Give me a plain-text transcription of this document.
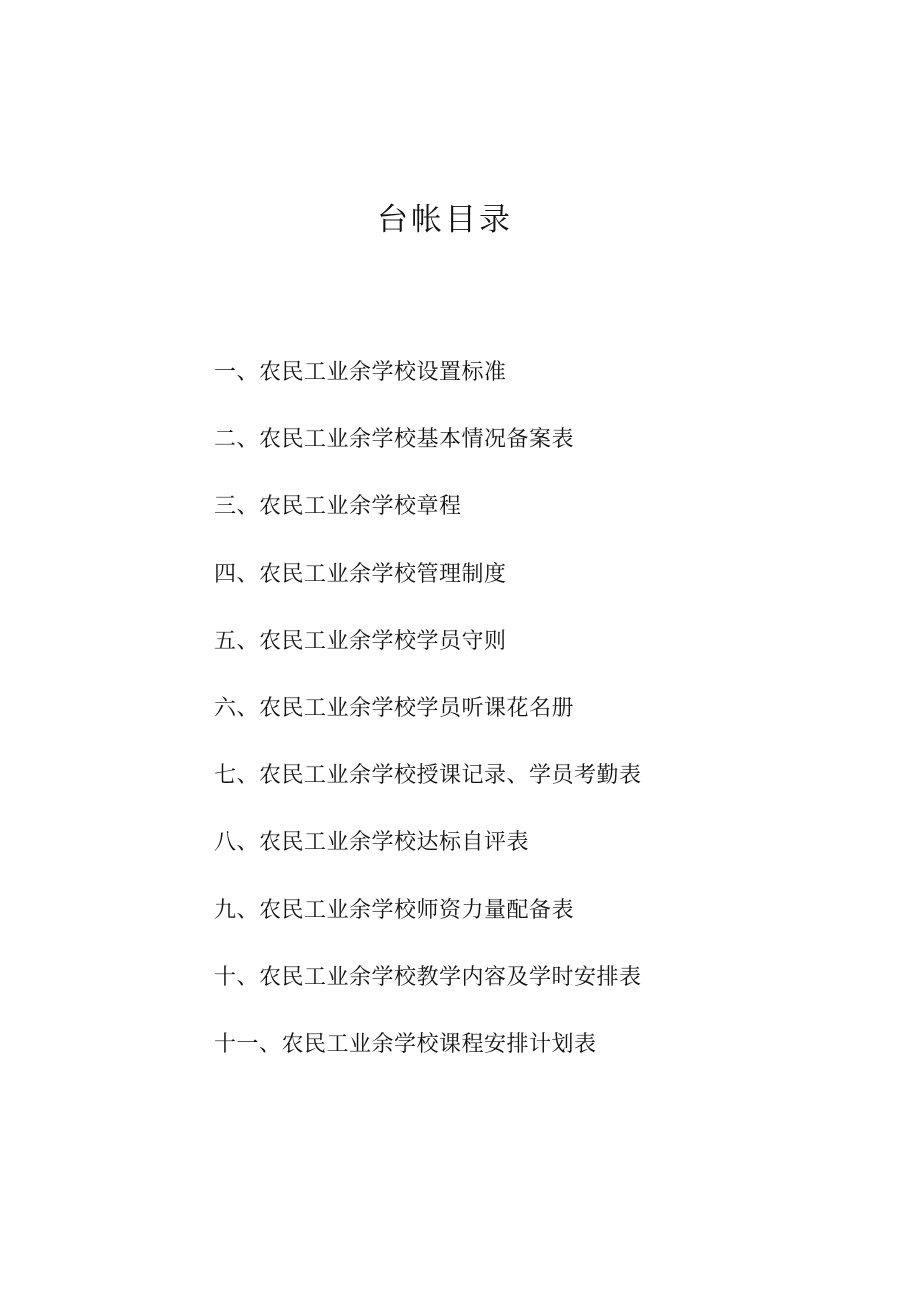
台帐目录
一、农民工业余学校设置标准
二、农民工业余学校基本情况备案表
三、农民工业余学校章程
四、农民工业余学校管理制度
五、农民工业余学校学员守则
六、农民工业余学校学员听课花名册
七、农民工业余学校授课记录、学员考勤表
八、农民工业余学校达标自评表
九、农民工业余学校师资力量配备表
十、农民工业余学校教学内容及学时安排表
十一、农民工业余学校课程安排计划表
